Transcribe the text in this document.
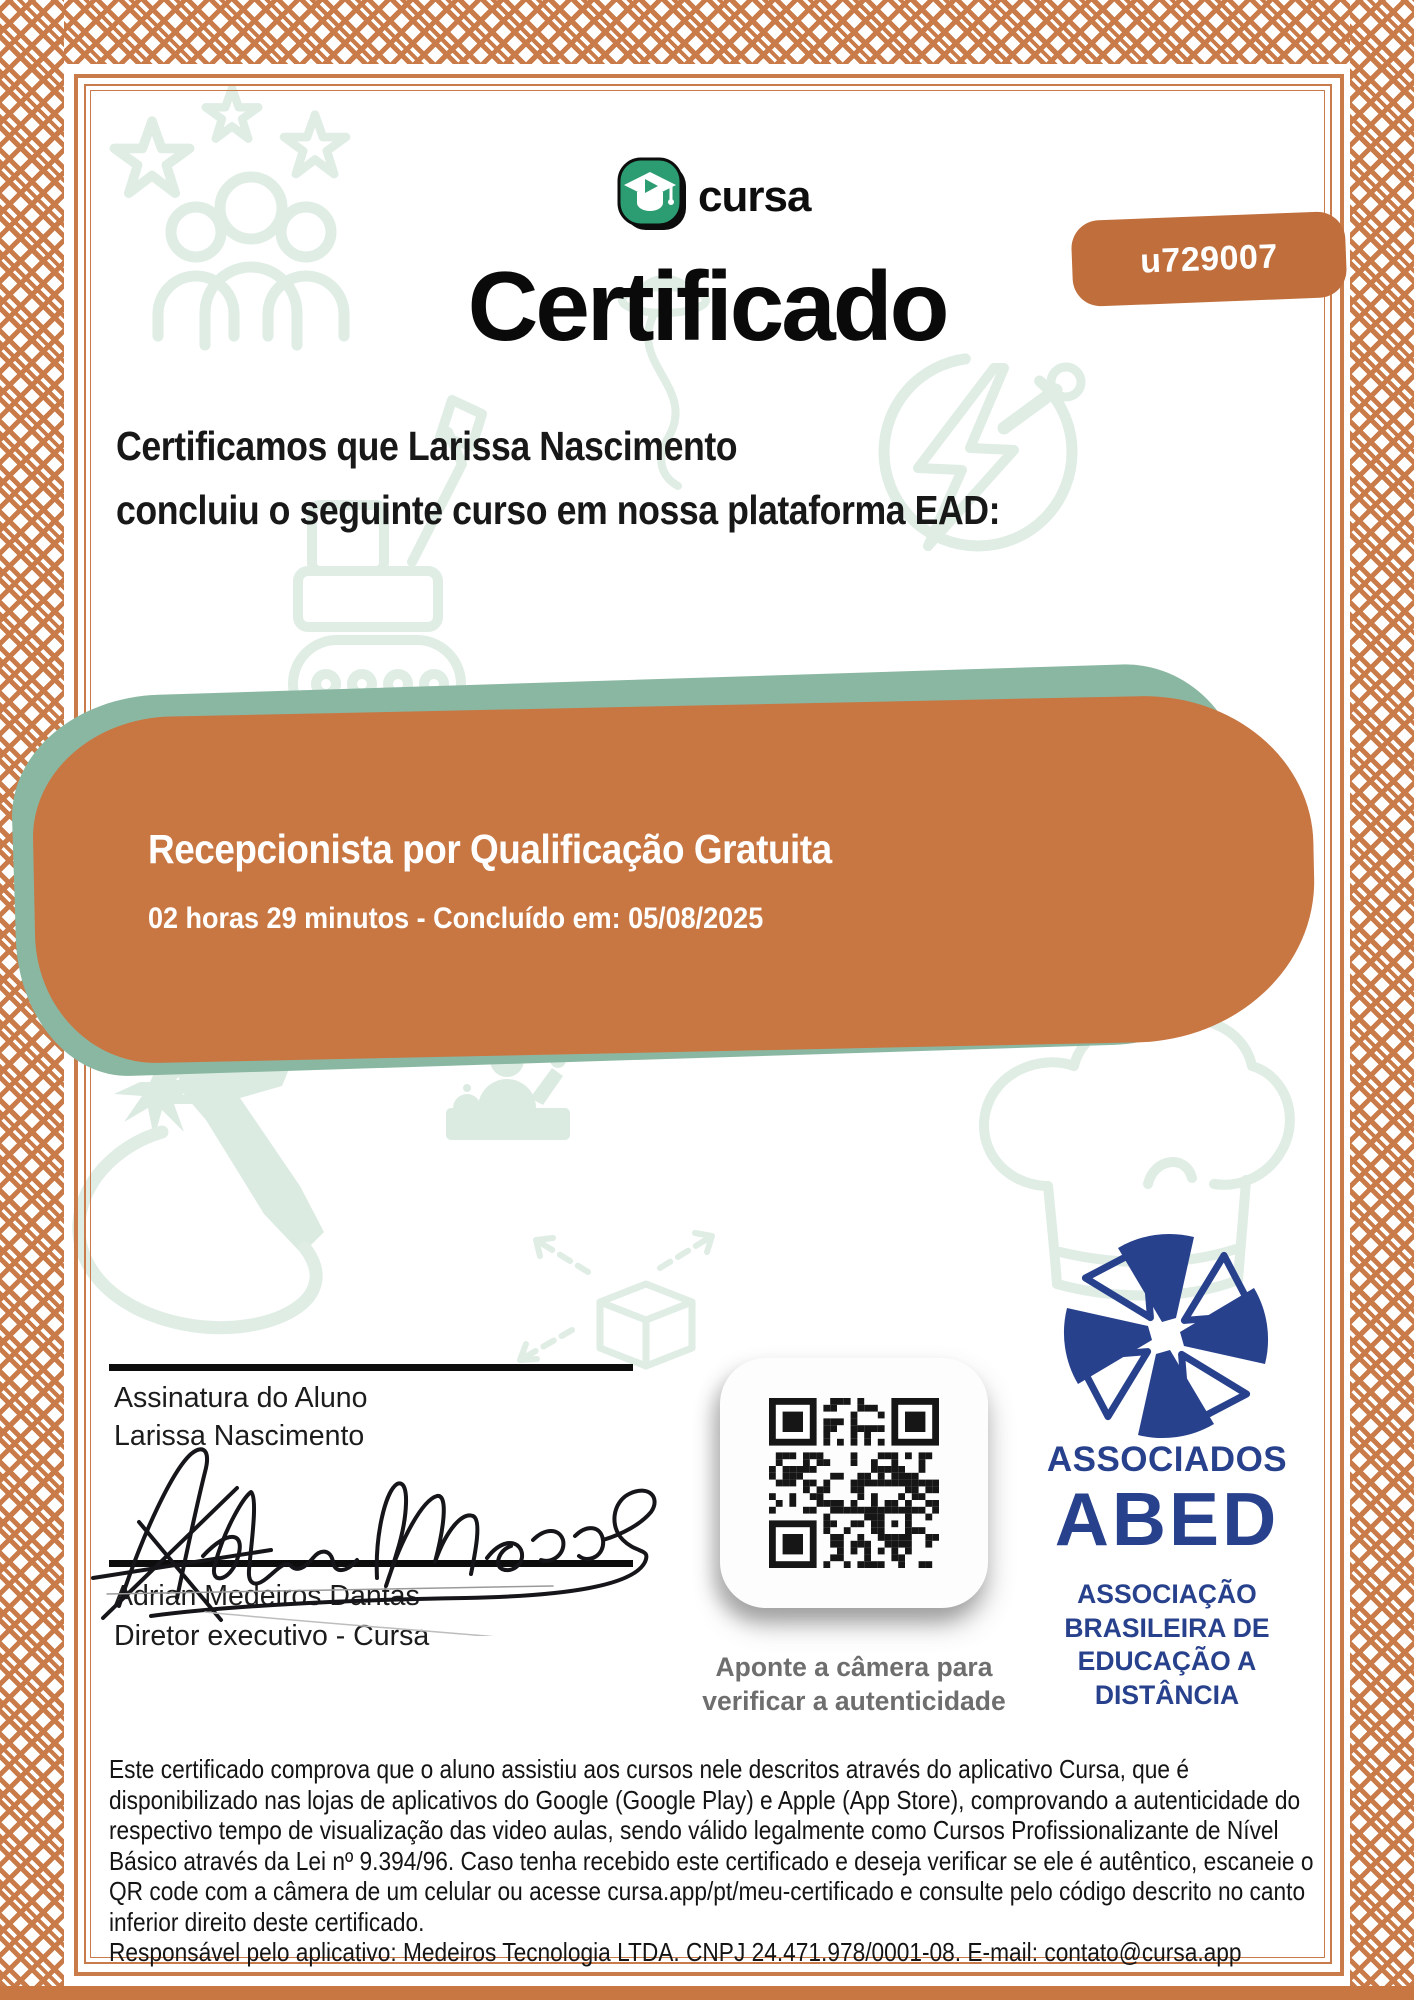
cursa
Certificado	u729007
Certificamos que Larissa Nascimento
concluiu o seguinte curso em nossa plataforma EAD:
Recepcionista por Qualificação Gratuita
02 horas 29 minutos - Concluído em: 05/08/2025
Assinatura do Aluno
Larissa Nascimento
Adrian Medeiros Dantas
Diretor executivo - Cursa
Aponte a câmera para
verificar a autenticidade
ASSOCIADOS
ABED
ASSOCIAÇÃO
BRASILEIRA DE
EDUCAÇÃO A
DISTÂNCIA
Este certificado comprova que o aluno assistiu aos cursos nele descritos através do aplicativo Cursa, que é disponibilizado nas lojas de aplicativos do Google (Google Play) e Apple (App Store), comprovando a autenticidade do respectivo tempo de visualização das video aulas, sendo válido legalmente como Cursos Profissionalizante de Nível Básico através da Lei nº 9.394/96. Caso tenha recebido este certificado e deseja verificar se ele é autêntico, escaneie o QR code com a câmera de um celular ou acesse cursa.app/pt/meu-certificado e consulte pelo código descrito no canto inferior direito deste certificado.
Responsável pelo aplicativo: Medeiros Tecnologia LTDA. CNPJ 24.471.978/0001-08. E-mail: contato@cursa.app
